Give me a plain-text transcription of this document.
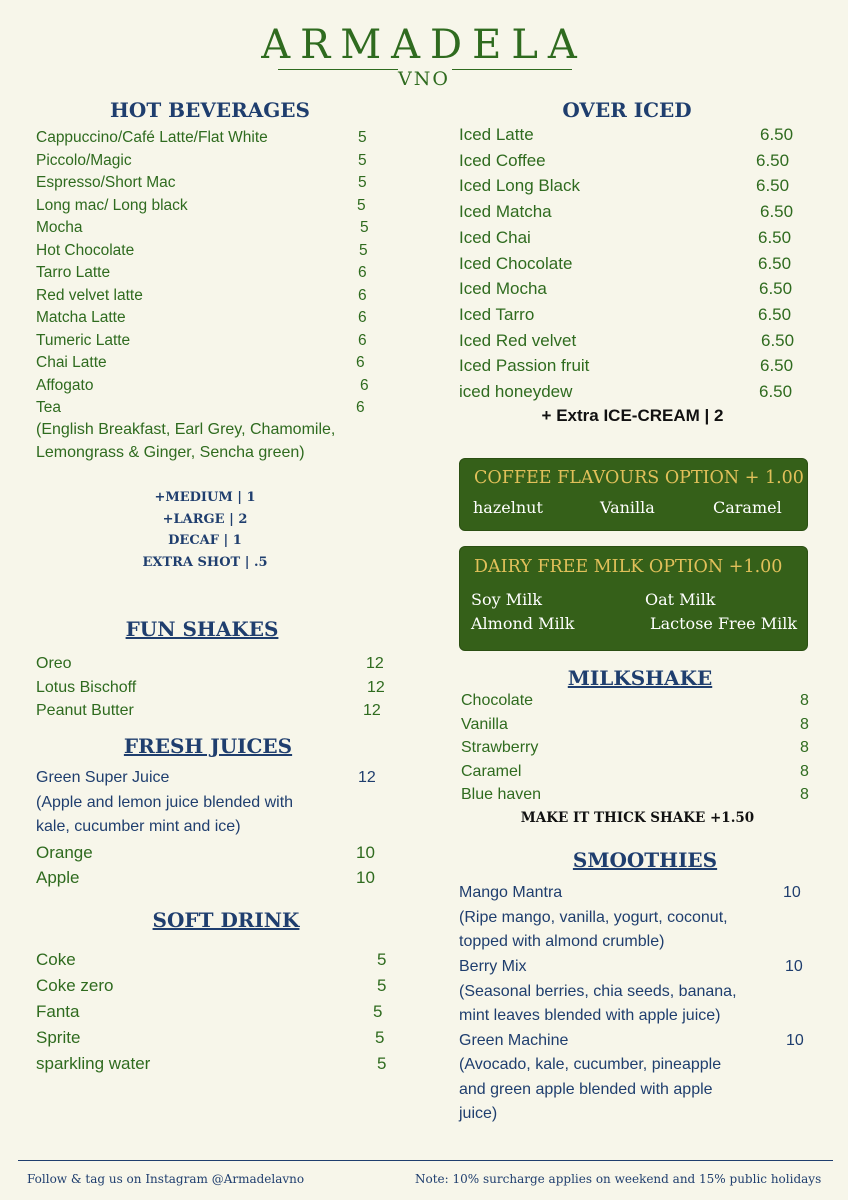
ARMADELA
VNO
HOT BEVERAGES
Cappuccino/Café Latte/Flat White	5
Piccolo/Magic	5
Espresso/Short Mac	5
Long mac/ Long black	5
Mocha	5
Hot Chocolate	5
Tarro Latte	6
Red velvet latte	6
Matcha Latte	6
Tumeric Latte	6
Chai Latte	6
Affogato	6
Tea	6
(English Breakfast, Earl Grey, Chamomile,
Lemongrass & Ginger, Sencha green)
+MEDIUM | 1
+LARGE | 2
DECAF | 1
EXTRA SHOT | .5
OVER ICED
Iced Latte	6.50
Iced Coffee	6.50
Iced Long Black	6.50
Iced Matcha	6.50
Iced Chai	6.50
Iced Chocolate	6.50
Iced Mocha	6.50
Iced Tarro	6.50
Iced Red velvet	6.50
Iced Passion fruit	6.50
iced honeydew	6.50
+ Extra ICE-CREAM | 2
COFFEE FLAVOURS OPTION + 1.00
hazelnut	Vanilla	Caramel
DAIRY FREE MILK OPTION +1.00
Soy Milk	Oat Milk
Almond Milk	Lactose Free Milk
FUN SHAKES
Oreo	12
Lotus Bischoff	12
Peanut Butter	12
FRESH JUICES
Green Super Juice	12
(Apple and lemon juice blended with
kale, cucumber mint and ice)
Orange	10
Apple	10
SOFT DRINK
Coke	5
Coke zero	5
Fanta	5
Sprite	5
sparkling water	5
MILKSHAKE
Chocolate	8
Vanilla	8
Strawberry	8
Caramel	8
Blue haven	8
MAKE IT THICK SHAKE +1.50
SMOOTHIES
Mango Mantra	10
(Ripe mango, vanilla, yogurt, coconut,
topped with almond crumble)
Berry Mix	10
(Seasonal berries, chia seeds, banana,
mint leaves blended with apple juice)
Green Machine	10
(Avocado, kale, cucumber, pineapple
and green apple blended with apple
juice)
Follow & tag us on Instagram @Armadelavno	Note: 10% surcharge applies on weekend and 15% public holidays
